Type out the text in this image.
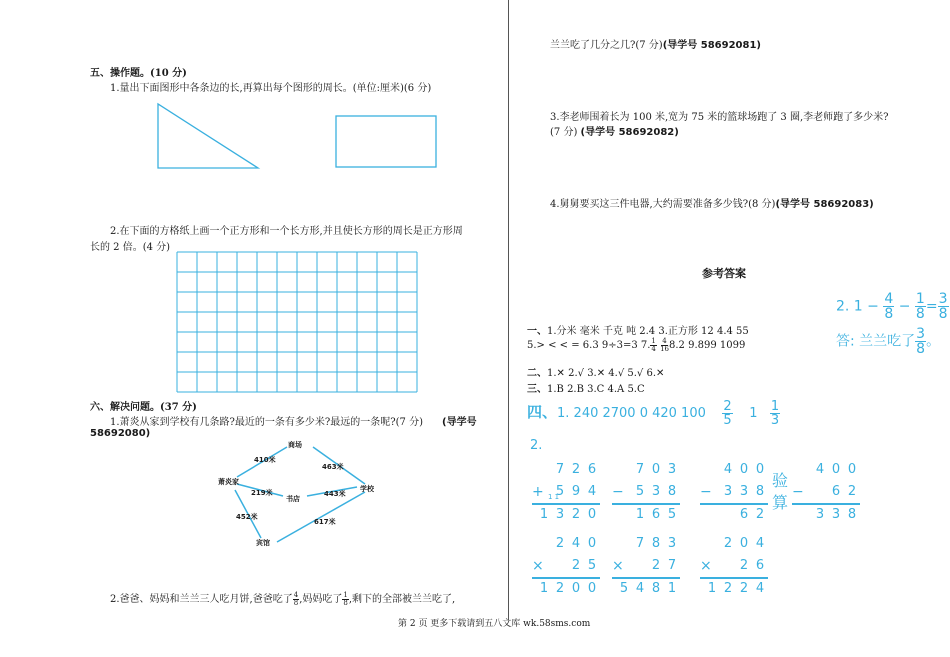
五、操作题。(10 分)
1.量出下面图形中各条边的长,再算出每个图形的周长。(单位:厘米)(6 分)
2.在下面的方格纸上画一个正方形和一个长方形,并且使长方形的周长是正方形周
长的 2 倍。(4 分)
六、解决问题。(37 分)
1.萧炎从家到学校有几条路?最近的一条有多少米?最远的一条呢?(7 分) (导学号
58692080)
商场
萧炎家
书店
学校
宾馆
410米
463米
219米	443米
452米
617米
2.爸爸、妈妈和兰兰三人吃月饼,爸爸吃了 $\frac{4}{8}$ ,妈妈吃了 $\frac{1}{8}$ ,剩下的全部被兰兰吃了,
兰兰吃了几分之几?(7 分)(导学号 58692081)
3.李老师围着长为 100 米,宽为 75 米的篮球场跑了 3 圈,李老师跑了多少米?
(7 分) (导学号 58692082)
4.舅舅要买这三件电器,大约需要准备多少钱?(8 分)(导学号 58692083)
参考答案
一、1.分米 毫米 千克 吨 2.4 3.正方形 12 4.4 55
5.> < < = 6.3 9÷3=3 7. $\frac{1}{4}$
$\frac{4}{16} 8.2$ 9.899 1099
二、1.✕ 2.√ 3.✕ 4.√ 5.√ 6.✕
三、1.B 2.B 3.C 4.A 5.C
四、1. 240 2700 0 420 $100 \frac{2}{5} 1 \frac{1}{3}$
2.
2. $1 - \frac{4}{8} - \frac{1}{8} = \frac{3}{8}$
答: 兰兰吃了 $\frac{3}{8}$ 。
7 2 6
+ 5 9 4
1 3 2 0
7 0 3
− 5 3 8
1 6 5
4 0 0
− 3 3 8
6 2
4 0 0
−	6 2
3 3 8
2 4 0
×	2 5
1 2 0 0
7 8 3
×	2 7
5 4 8 1
2 0 4
×	2 6
1 2 2 4
1 1
验算
第 2 页 更多下载请到五八文库 wk.58sms.com
